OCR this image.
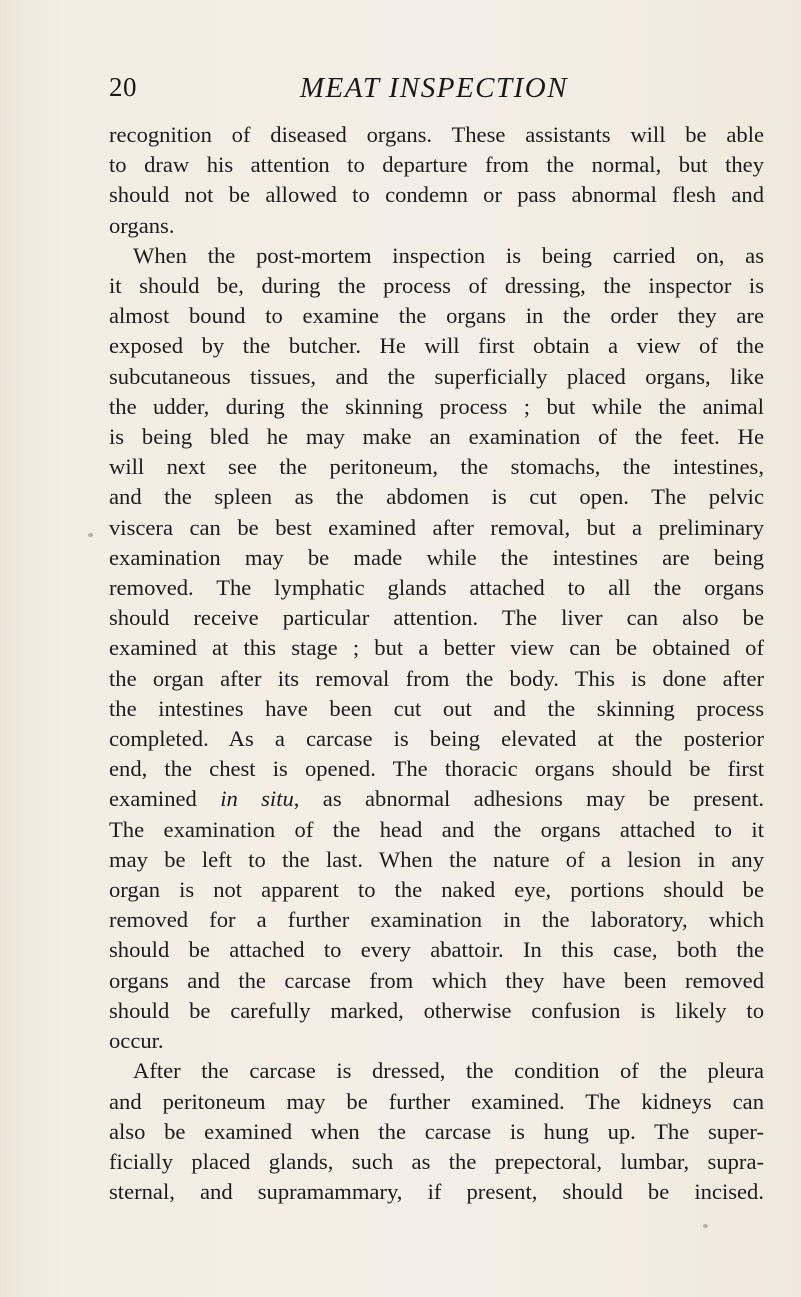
20	MEAT INSPECTION
recognition of diseased organs. These assistants will be able
to draw his attention to departure from the normal, but they
should not be allowed to condemn or pass abnormal flesh and
organs.
When the post-mortem inspection is being carried on, as
it should be, during the process of dressing, the inspector is
almost bound to examine the organs in the order they are
exposed by the butcher. He will first obtain a view of the
subcutaneous tissues, and the superficially placed organs, like
the udder, during the skinning process ; but while the animal
is being bled he may make an examination of the feet. He
will next see the peritoneum, the stomachs, the intestines,
and the spleen as the abdomen is cut open. The pelvic
viscera can be best examined after removal, but a preliminary
examination may be made while the intestines are being
removed. The lymphatic glands attached to all the organs
should receive particular attention. The liver can also be
examined at this stage ; but a better view can be obtained of
the organ after its removal from the body. This is done after
the intestines have been cut out and the skinning process
completed. As a carcase is being elevated at the posterior
end, the chest is opened. The thoracic organs should be first
examined in situ, as abnormal adhesions may be present.
The examination of the head and the organs attached to it
may be left to the last. When the nature of a lesion in any
organ is not apparent to the naked eye, portions should be
removed for a further examination in the laboratory, which
should be attached to every abattoir. In this case, both the
organs and the carcase from which they have been removed
should be carefully marked, otherwise confusion is likely to
occur.
After the carcase is dressed, the condition of the pleura
and peritoneum may be further examined. The kidneys can
also be examined when the carcase is hung up. The super-
ficially placed glands, such as the prepectoral, lumbar, supra-
sternal, and supramammary, if present, should be incised.
